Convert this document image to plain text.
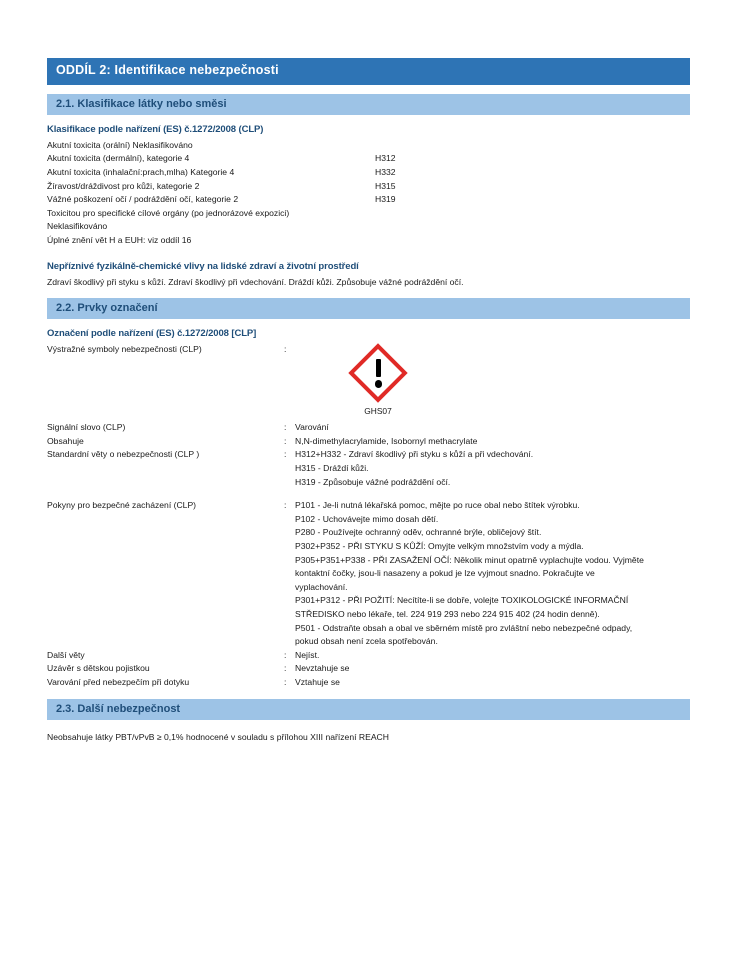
ODDÍL 2: Identifikace nebezpečnosti
2.1. Klasifikace látky nebo směsi
Klasifikace podle nařízení (ES) č.1272/2008 (CLP)
Akutní toxicita (orální) Neklasifikováno
Akutní toxicita (dermální), kategorie 4	H312
Akutní toxicita (inhalační:prach,mlha) Kategorie 4	H332
Žíravost/dráždivost pro kůži, kategorie 2	H315
Vážné poškození očí / podráždění očí, kategorie 2	H319
Toxicitou pro specifické cílové orgány (po jednorázové expozici)
Neklasifikováno
Úplné znění vět H a EUH: viz oddíl 16
Nepříznivé fyzikálně-chemické vlivy na lidské zdraví a životní prostředí
Zdraví škodlivý při styku s kůží. Zdraví škodlivý při vdechování. Dráždí kůži. Způsobuje vážné podráždění očí.
2.2. Prvky označení
Označení podle nařízení (ES) č.1272/2008 [CLP]
Výstražné symboly nebezpečnosti (CLP)	:
GHS07
Signální slovo (CLP)	: Varování
Obsahuje	: N,N-dimethylacrylamide, Isobornyl methacrylate
Standardní věty o nebezpečnosti (CLP )	: H312+H332 - Zdraví škodlivý při styku s kůží a při vdechování.
H315 - Dráždí kůži.
H319 - Způsobuje vážné podráždění očí.
Pokyny pro bezpečné zacházení (CLP)	: P101 - Je-li nutná lékařská pomoc, mějte po ruce obal nebo štítek výrobku.
P102 - Uchovávejte mimo dosah dětí.
P280 - Používejte ochranný oděv, ochranné brýle, obličejový štít.
P302+P352 - PŘI STYKU S KŮŽÍ: Omyjte velkým množstvím vody a mýdla.
P305+P351+P338 - PŘI ZASAŽENÍ OČÍ: Několik minut opatrně vyplachujte vodou. Vyjměte
kontaktní čočky, jsou-li nasazeny a pokud je lze vyjmout snadno. Pokračujte ve
vyplachování.
P301+P312 - PŘI POŽITÍ: Necítíte-li se dobře, volejte TOXIKOLOGICKÉ INFORMAČNÍ
STŘEDISKO nebo lékaře, tel. 224 919 293 nebo 224 915 402 (24 hodin denně).
P501 - Odstraňte obsah a obal ve sběrném místě pro zvláštní nebo nebezpečné odpady,
pokud obsah není zcela spotřebován.
Další věty	: Nejíst.
Uzávěr s dětskou pojistkou	: Nevztahuje se
Varování před nebezpečím při dotyku	: Vztahuje se
2.3. Další nebezpečnost
Neobsahuje látky PBT/vPvB ≥ 0,1% hodnocené v souladu s přílohou XIII nařízení REACH
